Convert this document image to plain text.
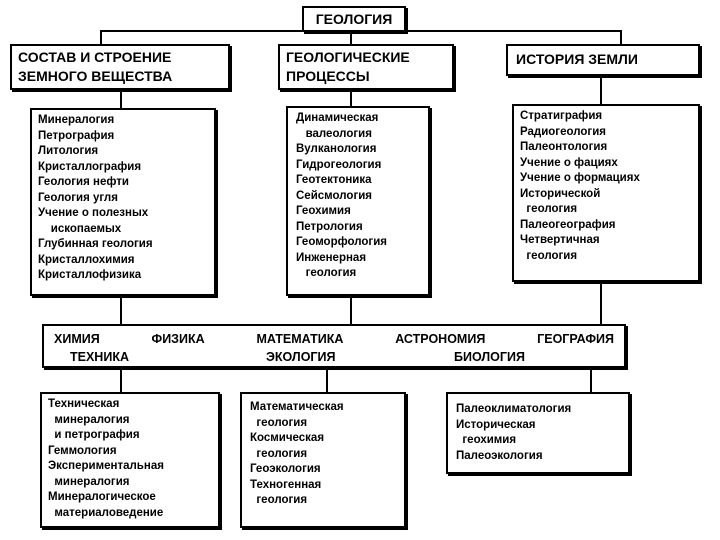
ГЕОЛОГИЯ
СОСТАВ И СТРОЕНИЕ
ЗЕМНОГО ВЕЩЕСТВА
ГЕОЛОГИЧЕСКИЕ
ПРОЦЕССЫ
ИСТОРИЯ ЗЕМЛИ
Минералогия
Петрография
Литология
Кристаллография
Геология нефти
Геология угля
Учение о полезных
ископаемых
Глубинная геология
Кристаллохимия
Кристаллофизика
Динамическая
валеология
Вулканология
Гидрогеология
Геотектоника
Сейсмология
Геохимия
Петрология
Геоморфология
Инженерная
геология
Стратиграфия
Радиогеология
Палеонтология
Учение о фациях
Учение о формациях
Исторической
геология
Палеогеография
Четвертичная
геология
ХИМИЯ	ФИЗИКА	МАТЕМАТИКА	АСТРОНОМИЯ	ГЕОГРАФИЯ
ТЕХНИКА	ЭКОЛОГИЯ	БИОЛОГИЯ
Техническая
минералогия
и петрография
Геммология
Экспериментальная
минералогия
Минералогическое
материаловедение
Математическая
геология
Космическая
геология
Геоэкология
Техногенная
геология
Палеоклиматология
Историческая
геохимия
Палеоэкология
